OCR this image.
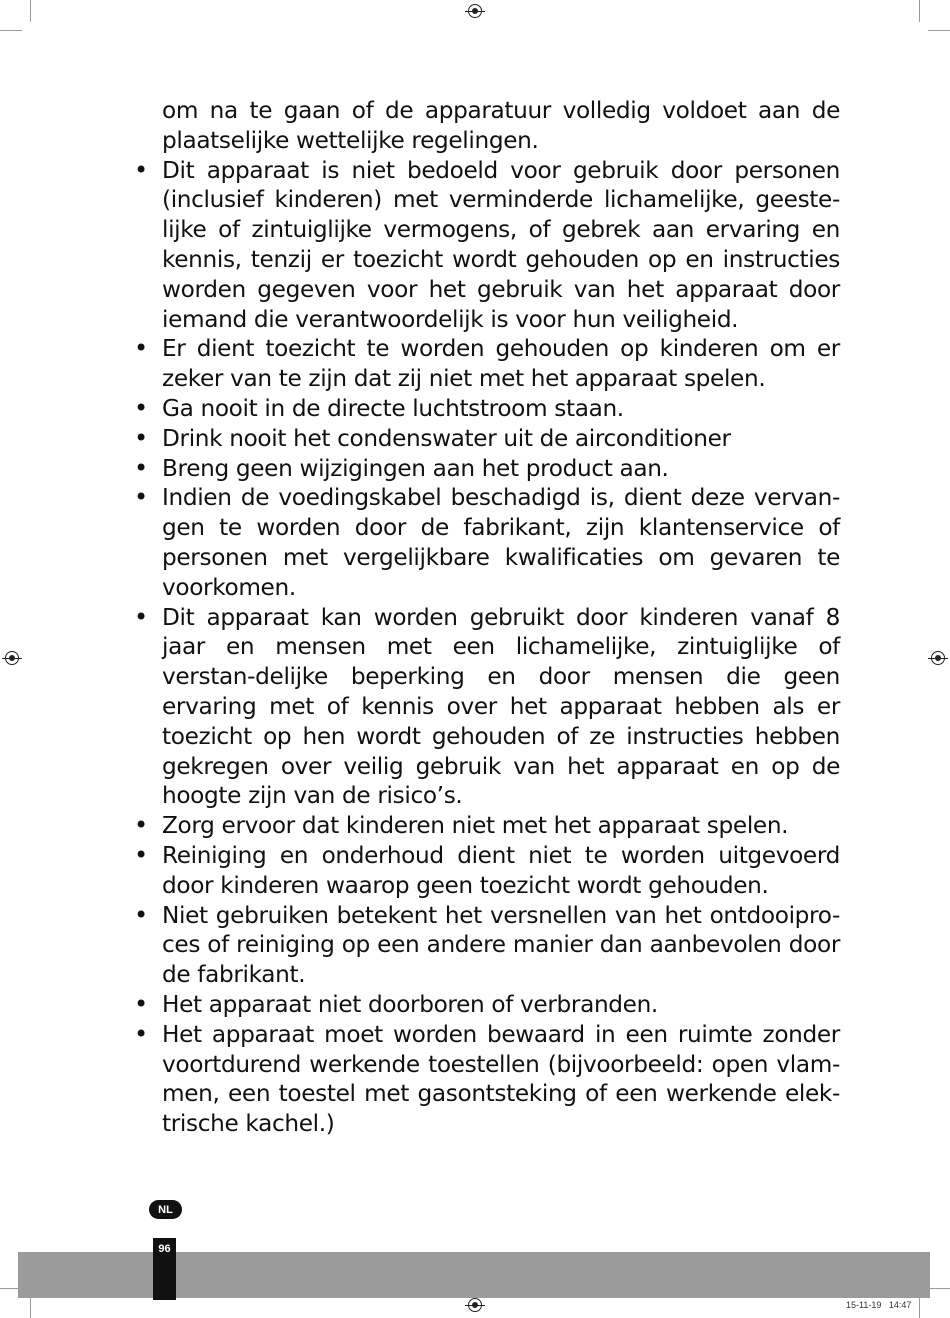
om na te gaan of de apparatuur volledig voldoet aan de plaatselijke wettelijke regelingen.

• Dit apparaat is niet bedoeld voor gebruik door personen (inclusief kinderen) met verminderde lichamelijke, geeste-lijke of zintuiglijke vermogens, of gebrek aan ervaring en kennis, tenzij er toezicht wordt gehouden op en instructies worden gegeven voor het gebruik van het apparaat door iemand die verantwoordelijk is voor hun veiligheid.
• Er dient toezicht te worden gehouden op kinderen om er zeker van te zijn dat zij niet met het apparaat spelen.
• Ga nooit in de directe luchtstroom staan.
• Drink nooit het condenswater uit de airconditioner
• Breng geen wijzigingen aan het product aan.
• Indien de voedingskabel beschadigd is, dient deze vervan-gen te worden door de fabrikant, zijn klantenservice of personen met vergelijkbare kwalificaties om gevaren te voorkomen.
• Dit apparaat kan worden gebruikt door kinderen vanaf 8 jaar en mensen met een lichamelijke, zintuiglijke of verstan-delijke beperking en door mensen die geen ervaring met of kennis over het apparaat hebben als er toezicht op hen wordt gehouden of ze instructies hebben gekregen over veilig gebruik van het apparaat en op de hoogte zijn van de risico’s.
• Zorg ervoor dat kinderen niet met het apparaat spelen.
• Reiniging en onderhoud dient niet te worden uitgevoerd door kinderen waarop geen toezicht wordt gehouden.
• Niet gebruiken betekent het versnellen van het ontdooipro-ces of reiniging op een andere manier dan aanbevolen door de fabrikant.
• Het apparaat niet doorboren of verbranden.
• Het apparaat moet worden bewaard in een ruimte zonder voortdurend werkende toestellen (bijvoorbeeld: open vlam-men, een toestel met gasontsteking of een werkende elek-trische kachel.)
NL
96
15-11-19 14:47
